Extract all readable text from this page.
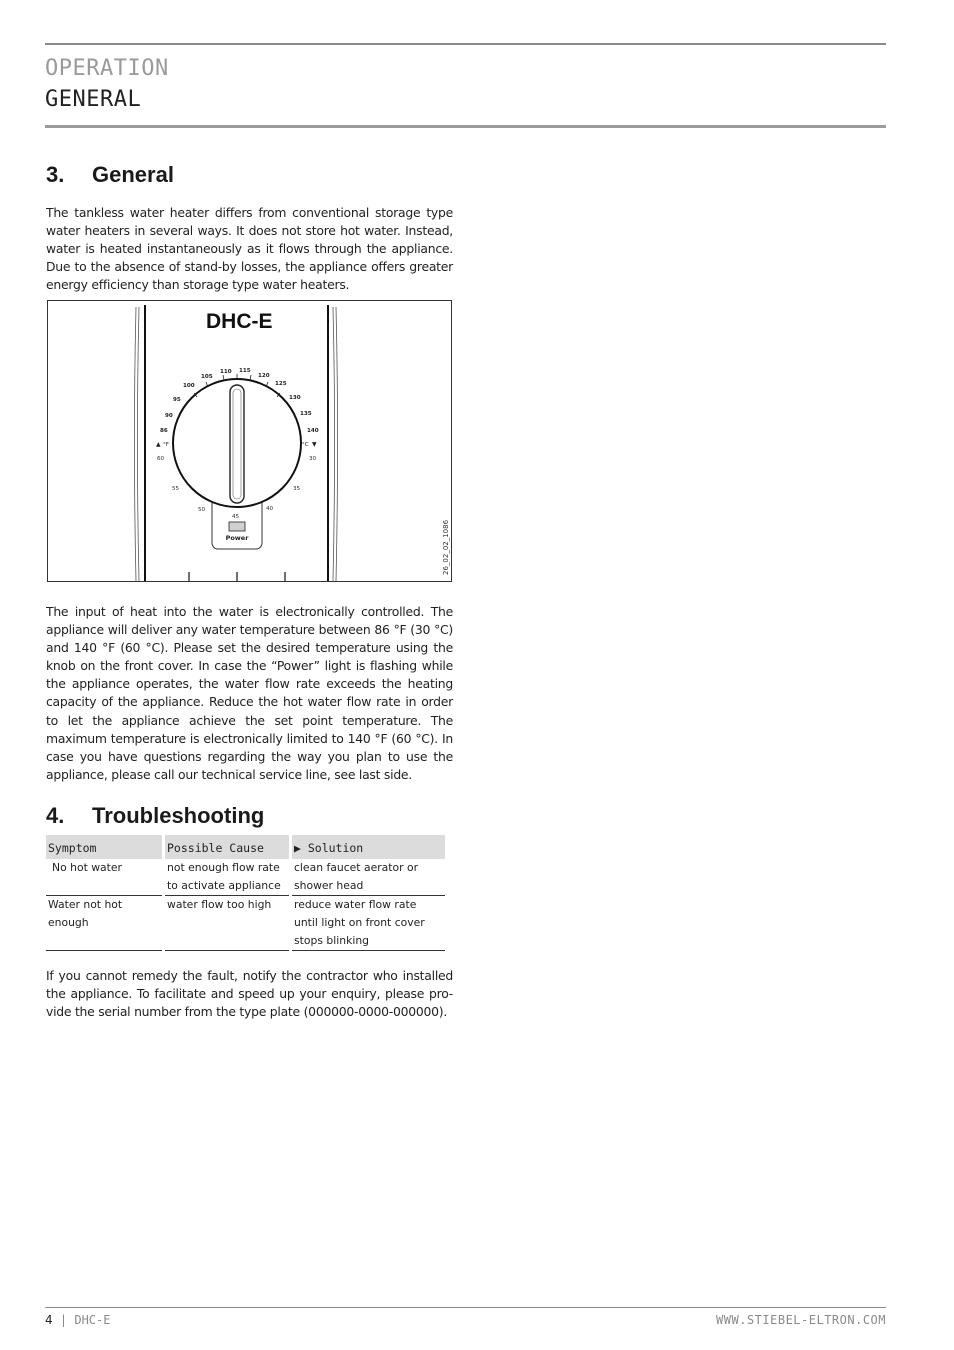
OPERATION
GENERAL
3. General
The tankless water heater differs from conventional storage type water heaters in several ways. It does not store hot water. Instead, water is heated instantaneously as it flows through the appliance. Due to the absence of stand-by losses, the appliance offers greater energy efficiency than storage type water heaters.
86
90
95
100
105
110 115
120
125
130
135
140
30
35
40
45
50
55
60
▲ °F	°C ▼
Power
DHC-E
26_02_02_1086
The input of heat into the water is electronically controlled. The appliance will deliver any water temperature between 86 °F (30 °C) and 140 °F (60 °C). Please set the desired temperature using the knob on the front cover. In case the “Power” light is flashing while the appliance operates, the water flow rate exceeds the heating capacity of the appliance. Reduce the hot water flow rate in order to let the appliance achieve the set point temperature. The maximum temperature is electronically limited to 140 °F (60 °C). In case you have questions regarding the way you plan to use the appliance, please call our technical service line, see last side.
4. Troubleshooting
Symptom	Possible Cause	▶ Solution
No hot water	not enough flow rate to activate appliance	clean faucet aerator or shower head
Water not hot enough	water flow too high	reduce water flow rate until light on front cover stops blinking
If you cannot remedy the fault, notify the contractor who installed the appliance. To facilitate and speed up your enquiry, please pro- vide the serial number from the type plate (000000-0000-000000).
4 | DHC-E	WWW.STIEBEL-ELTRON.COM
